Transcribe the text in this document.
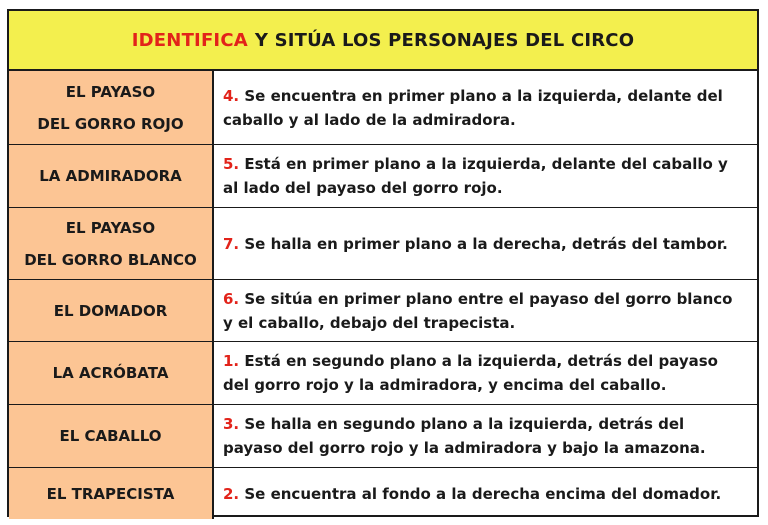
IDENTIFICA Y SITÚA LOS PERSONAJES DEL CIRCO
EL PAYASO
DEL GORRO ROJO

4. Se encuentra en primer plano a la izquierda, delante del caballo y al lado de la admiradora.

LA ADMIRADORA

5. Está en primer plano a la izquierda, delante del caballo y al lado del payaso del gorro rojo.

EL PAYASO
DEL GORRO BLANCO

7. Se halla en primer plano a la derecha, detrás del tambor.

EL DOMADOR

6. Se sitúa en primer plano entre el payaso del gorro blanco y el caballo, debajo del trapecista.

LA ACRÓBATA

1. Está en segundo plano a la izquierda, detrás del payaso del gorro rojo y la admiradora, y encima del caballo.

EL CABALLO

3. Se halla en segundo plano a la izquierda, detrás del payaso del gorro rojo y la admiradora y bajo la amazona.

EL TRAPECISTA	2. Se encuentra al fondo a la derecha encima del domador.
